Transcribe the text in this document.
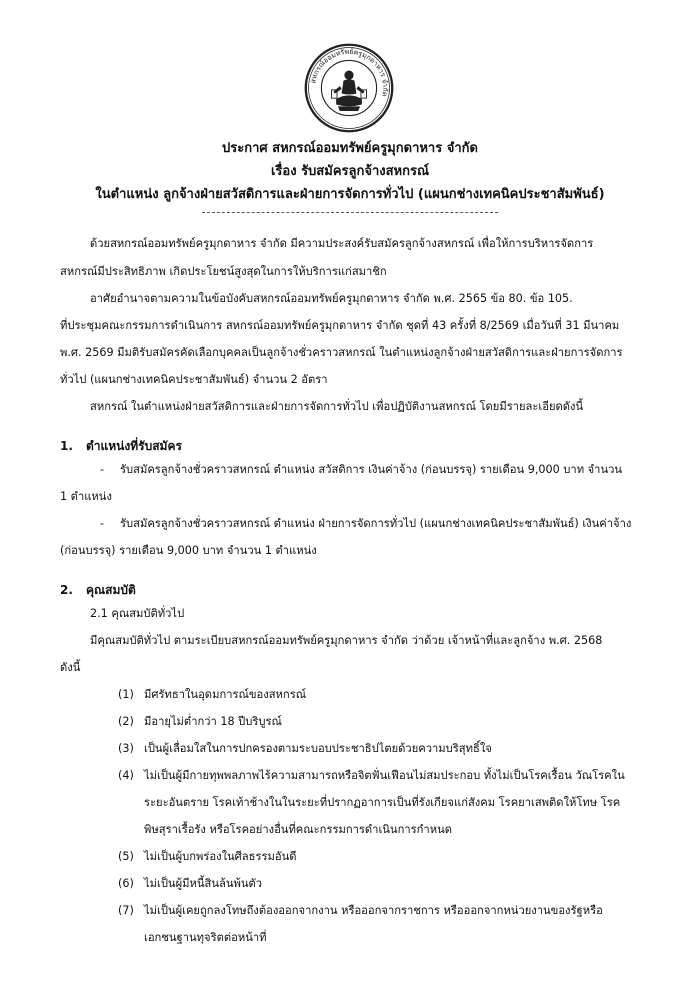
สหกรณ์ออมทรัพย์ครูมุกดาหาร จำกัด
ประกาศ สหกรณ์ออมทรัพย์ครูมุกดาหาร จำกัด
เรื่อง รับสมัครลูกจ้างสหกรณ์
ในตำแหน่ง ลูกจ้างฝ่ายสวัสดิการและฝ่ายการจัดการทั่วไป (แผนกช่างเทคนิคประชาสัมพันธ์)
ด้วยสหกรณ์ออมทรัพย์ครูมุกดาหาร จำกัด มีความประสงค์รับสมัครลูกจ้างสหกรณ์ เพื่อให้การบริหารจัดการ
สหกรณ์มีประสิทธิภาพ เกิดประโยชน์สูงสุดในการให้บริการแก่สมาชิก
อาศัยอำนาจตามความในข้อบังคับสหกรณ์ออมทรัพย์ครูมุกดาหาร จำกัด พ.ศ. 2565 ข้อ 80. ข้อ 105.
ที่ประชุมคณะกรรมการดำเนินการ สหกรณ์ออมทรัพย์ครูมุกดาหาร จำกัด ชุดที่ 43 ครั้งที่ 8/2569 เมื่อวันที่ 31 มีนาคม
พ.ศ. 2569 มีมติรับสมัครคัดเลือกบุคคลเป็นลูกจ้างชั่วคราวสหกรณ์ ในตำแหน่งลูกจ้างฝ่ายสวัสดิการและฝ่ายการจัดการ
ทั่วไป (แผนกช่างเทคนิคประชาสัมพันธ์) จำนวน 2 อัตรา
สหกรณ์ ในตำแหน่งฝ่ายสวัสดิการและฝ่ายการจัดการทั่วไป เพื่อปฏิบัติงานสหกรณ์ โดยมีรายละเอียดดังนี้
1. ตำแหน่งที่รับสมัคร
- รับสมัครลูกจ้างชั่วคราวสหกรณ์ ตำแหน่ง สวัสดิการ เงินค่าจ้าง (ก่อนบรรจุ) รายเดือน 9,000 บาท จำนวน
1 ตำแหน่ง
- รับสมัครลูกจ้างชั่วคราวสหกรณ์ ตำแหน่ง ฝ่ายการจัดการทั่วไป (แผนกช่างเทคนิคประชาสัมพันธ์) เงินค่าจ้าง
(ก่อนบรรจุ) รายเดือน 9,000 บาท จำนวน 1 ตำแหน่ง
2. คุณสมบัติ
2.1 คุณสมบัติทั่วไป
มีคุณสมบัติทั่วไป ตามระเบียบสหกรณ์ออมทรัพย์ครูมุกดาหาร จำกัด ว่าด้วย เจ้าหน้าที่และลูกจ้าง พ.ศ. 2568
ดังนี้
(1) มีศรัทธาในอุดมการณ์ของสหกรณ์
(2) มีอายุไม่ต่ำกว่า 18 ปีบริบูรณ์
(3) เป็นผู้เลื่อมใสในการปกครองตามระบอบประชาธิปไตยด้วยความบริสุทธิ์ใจ
(4) ไม่เป็นผู้มีกายทุพพลภาพไร้ความสามารถหรือจิตฟั่นเฟือนไม่สมประกอบ ทั้งไม่เป็นโรคเรื้อน วัณโรคใน
ระยะอันตราย โรคเท้าช้างในในระยะที่ปรากฏอาการเป็นที่รังเกียจแก่สังคม โรคยาเสพติดให้โทษ โรค
พิษสุราเรื้อรัง หรือโรคอย่างอื่นที่คณะกรรมการดำเนินการกำหนด
(5) ไม่เป็นผู้บกพร่องในศีลธรรมอันดี
(6) ไม่เป็นผู้มีหนี้สินล้นพ้นตัว
(7) ไม่เป็นผู้เคยถูกลงโทษถึงต้องออกจากงาน หรือออกจากราชการ หรือออกจากหน่วยงานของรัฐหรือ
เอกชนฐานทุจริตต่อหน้าที่
